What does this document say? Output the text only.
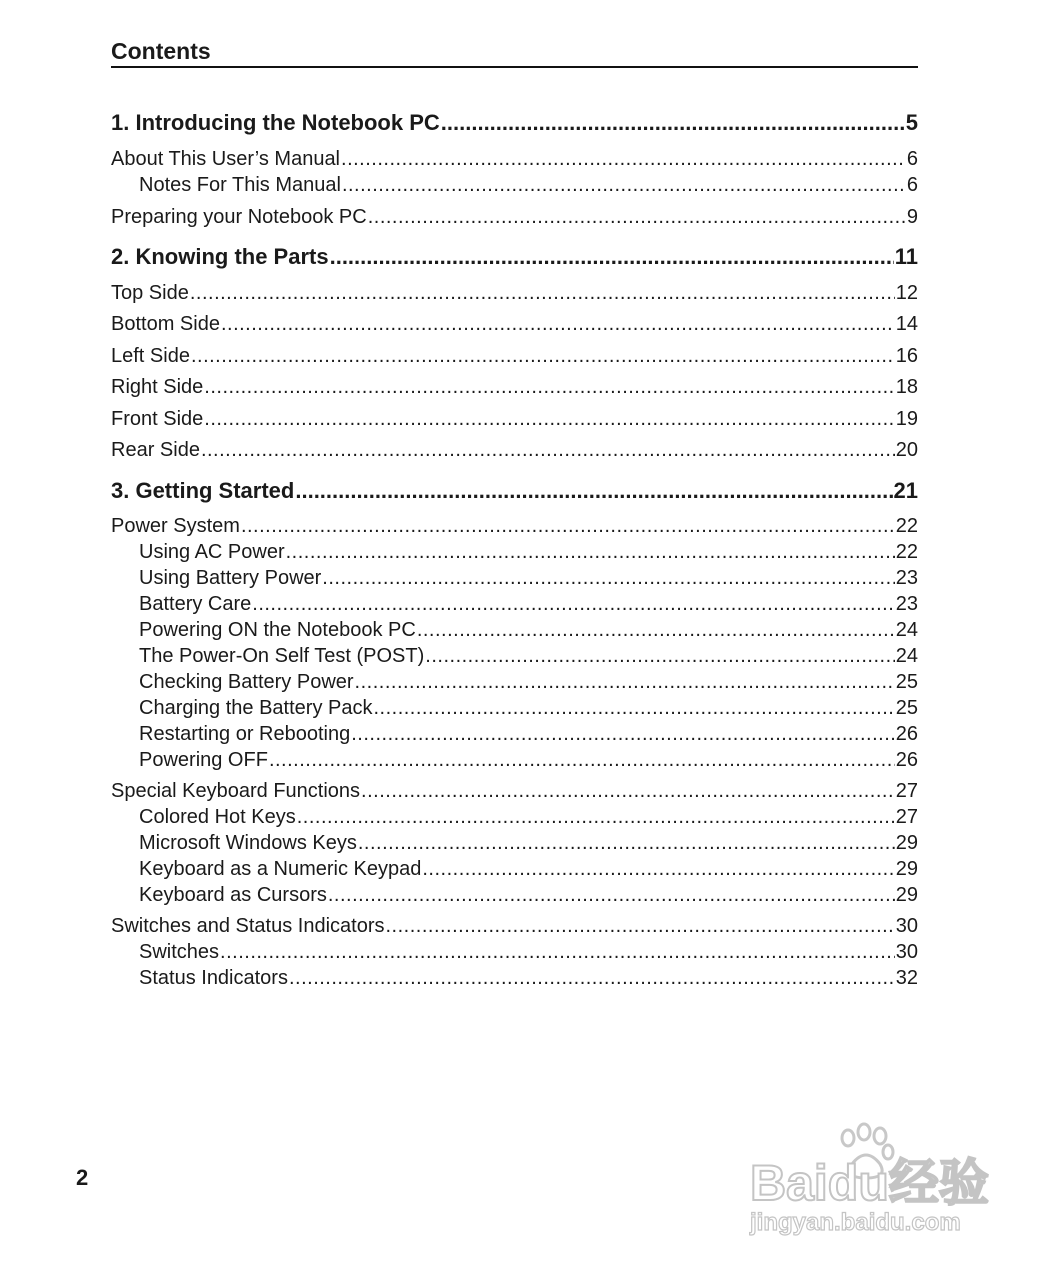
Contents
1. Introducing the Notebook PC .....	5
About This User’s Manual .....	6
Notes For This Manual .....	6
Preparing your Notebook PC .....	9
2. Knowing the Parts .....	11
Top Side .....	12
Bottom Side .....	14
Left Side .....	16
Right Side .....	18
Front Side .....	19
Rear Side .....	20
3. Getting Started .....	21
Power System .....	22
Using AC Power .....	22
Using Battery Power .....	23
Battery Care .....	23
Powering ON the Notebook PC .....	24
The Power-On Self Test (POST) .....	24
Checking Battery Power .....	25
Charging the Battery Pack .....	25
Restarting or Rebooting .....	26
Powering OFF .....	26
Special Keyboard Functions .....	27
Colored Hot Keys .....	27
Microsoft Windows Keys .....	29
Keyboard as a Numeric Keypad .....	29
Keyboard as Cursors .....	29
Switches and Status Indicators .....	30
Switches .....	30
Status Indicators .....	32
2	Baidu经验
jingyan.baidu.com
